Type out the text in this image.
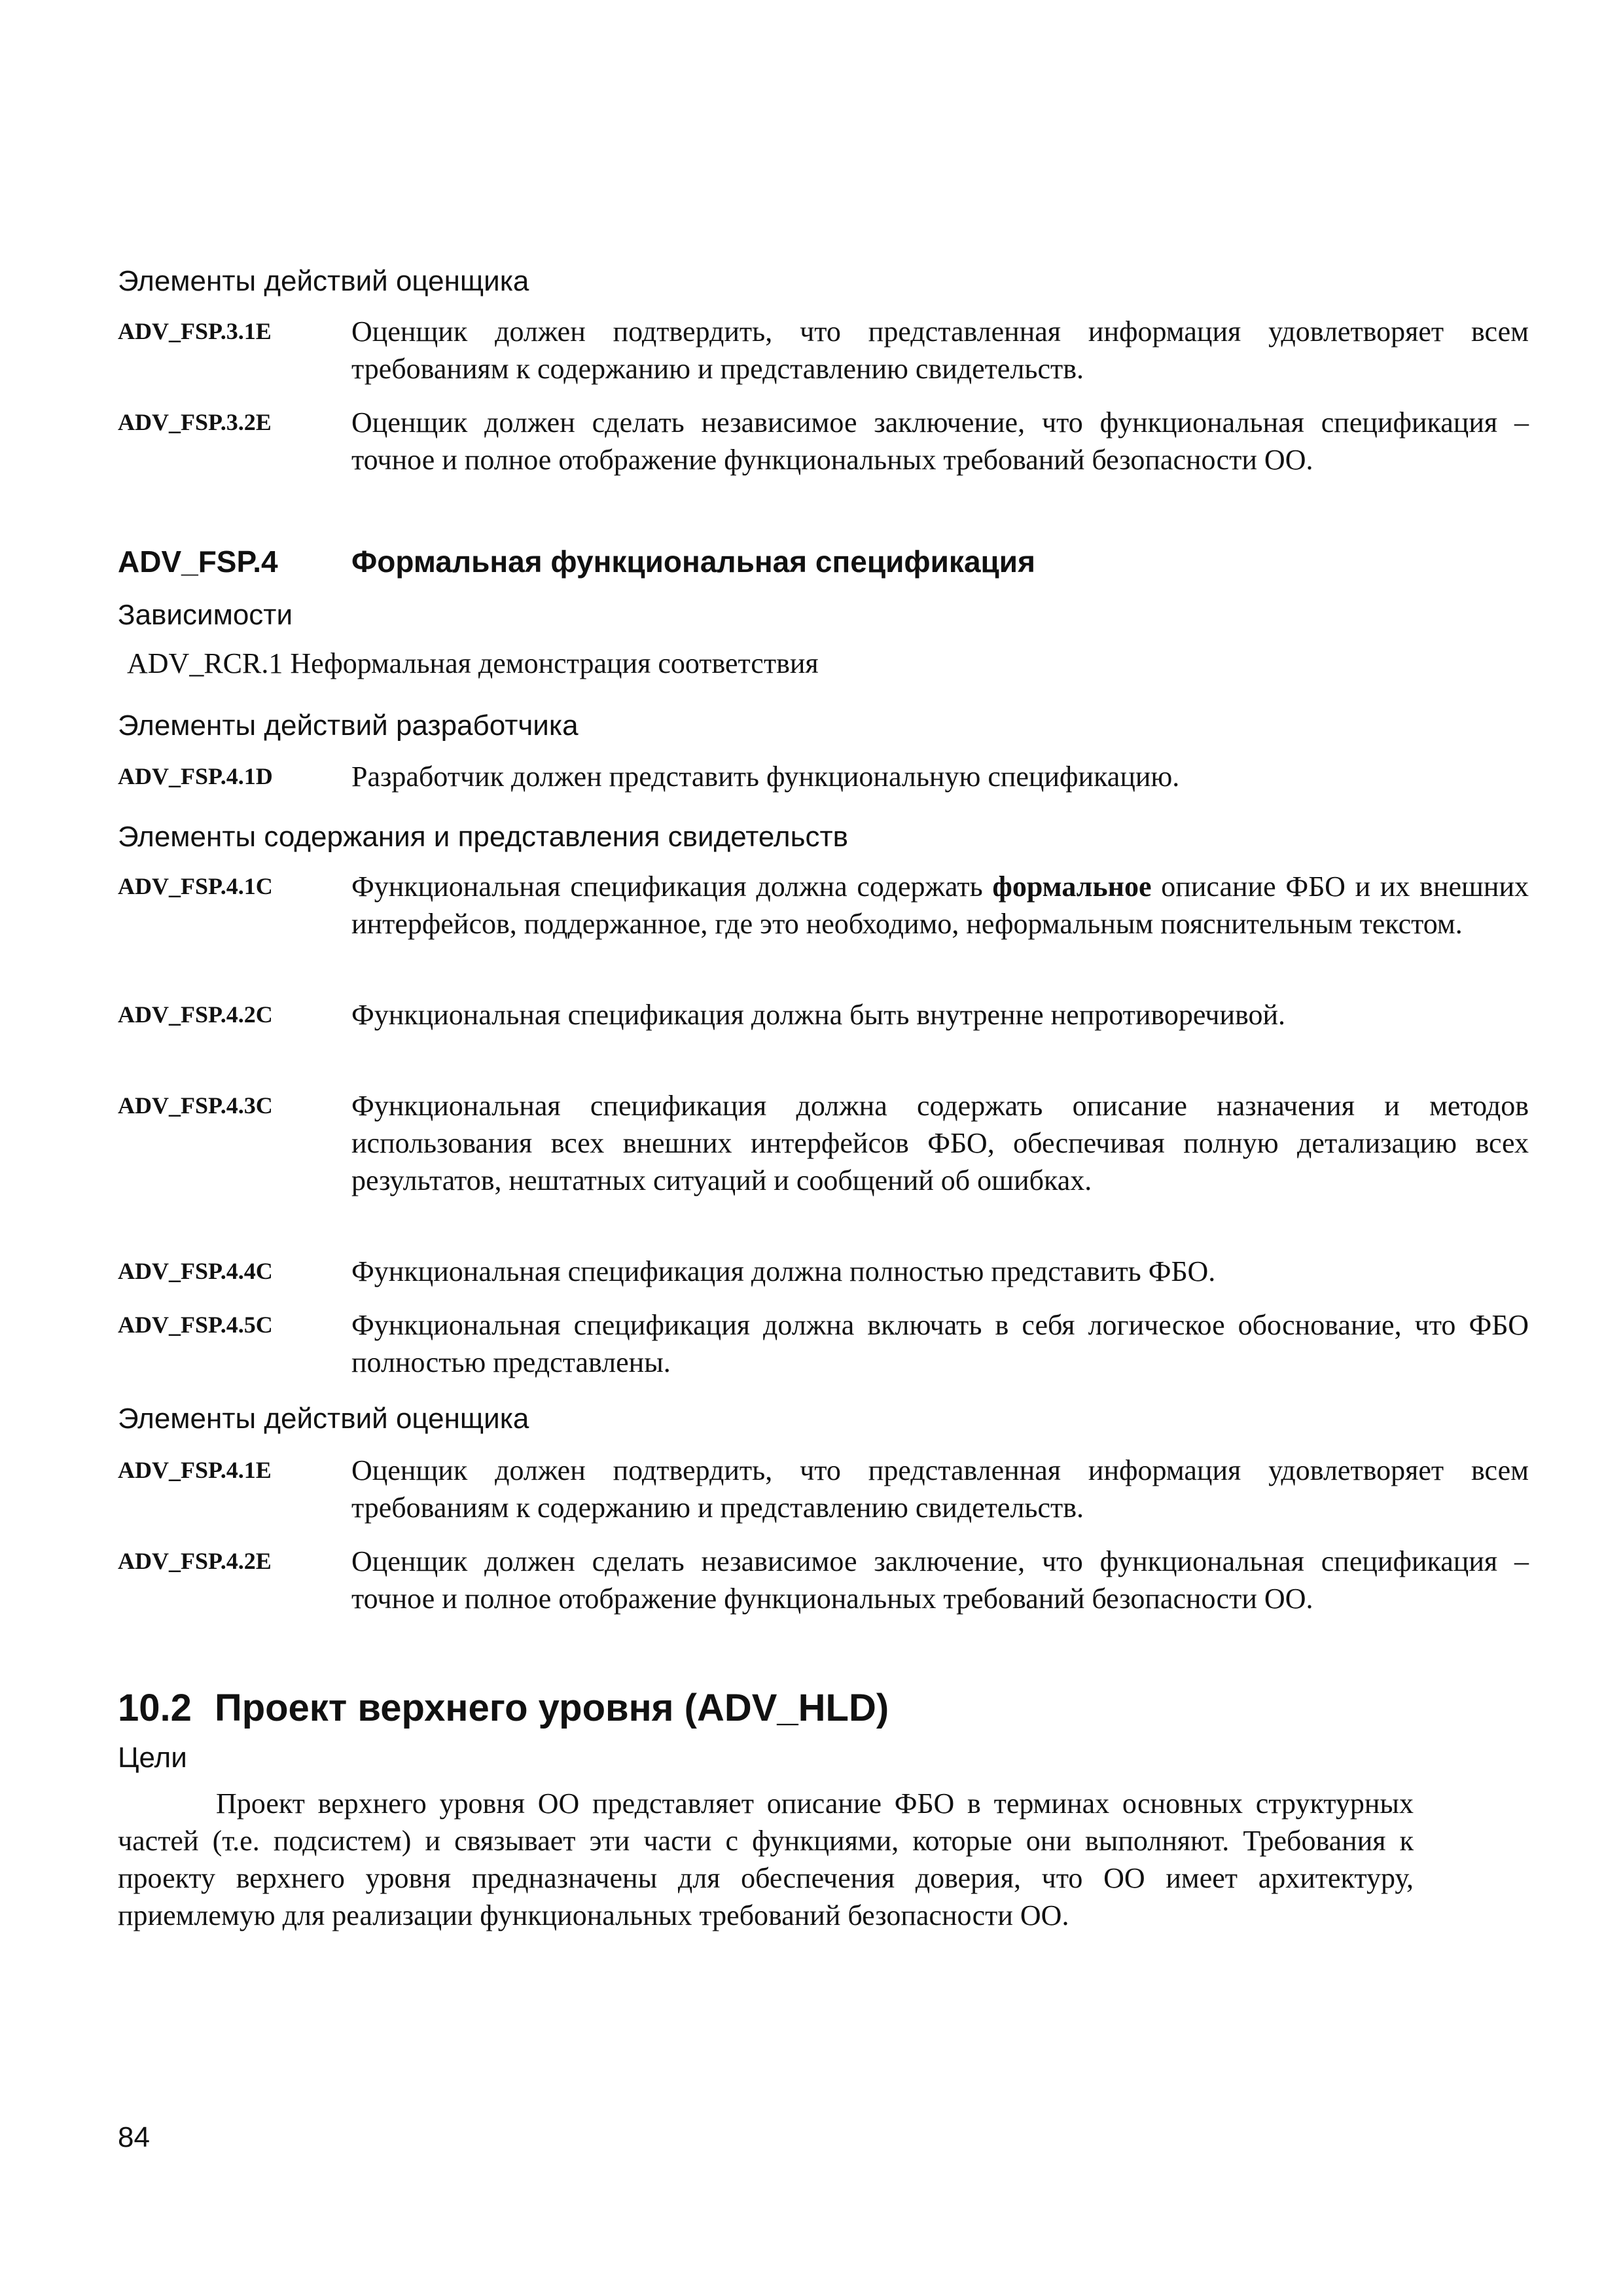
Элементы действий оценщика
ADV_FSP.3.1E	Оценщик должен подтвердить, что представленная информация удовлетворяет всем требованиям к содержанию и представлению свидетельств.
ADV_FSP.3.2E	Оценщик должен сделать независимое заключение, что функциональная спецификация – точное и полное отображение функциональных требований безопасности ОО.
ADV_FSP.4 Формальная функциональная спецификация
Зависимости
ADV_RCR.1 Неформальная демонстрация соответствия
Элементы действий разработчика
ADV_FSP.4.1D	Разработчик должен представить функциональную спецификацию.
Элементы содержания и представления свидетельств
ADV_FSP.4.1C	Функциональная спецификация должна содержать формальное описание ФБО и их внешних интерфейсов, поддержанное, где это необходимо, неформальным пояснительным текстом.
ADV_FSP.4.2C	Функциональная спецификация должна быть внутренне непротиворечивой.
ADV_FSP.4.3C	Функциональная спецификация должна содержать описание назначения и методов использования всех внешних интерфейсов ФБО, обеспечивая полную детализацию всех результатов, нештатных ситуаций и сообщений об ошибках.
ADV_FSP.4.4C	Функциональная спецификация должна полностью представить ФБО.
ADV_FSP.4.5C	Функциональная спецификация должна включать в себя логическое обоснование, что ФБО полностью представлены.
Элементы действий оценщика
ADV_FSP.4.1E	Оценщик должен подтвердить, что представленная информация удовлетворяет всем требованиям к содержанию и представлению свидетельств.
ADV_FSP.4.2E	Оценщик должен сделать независимое заключение, что функциональная спецификация – точное и полное отображение функциональных требований безопасности ОО.
10.2 Проект верхнего уровня (ADV_HLD)
Цели
Проект верхнего уровня ОО представляет описание ФБО в терминах основных структурных частей (т.е. подсистем) и связывает эти части с функциями, которые они выполняют. Требования к проекту верхнего уровня предназначены для обеспечения доверия, что ОО имеет архитектуру, приемлемую для реализации функциональных требований безопасности ОО.
84
